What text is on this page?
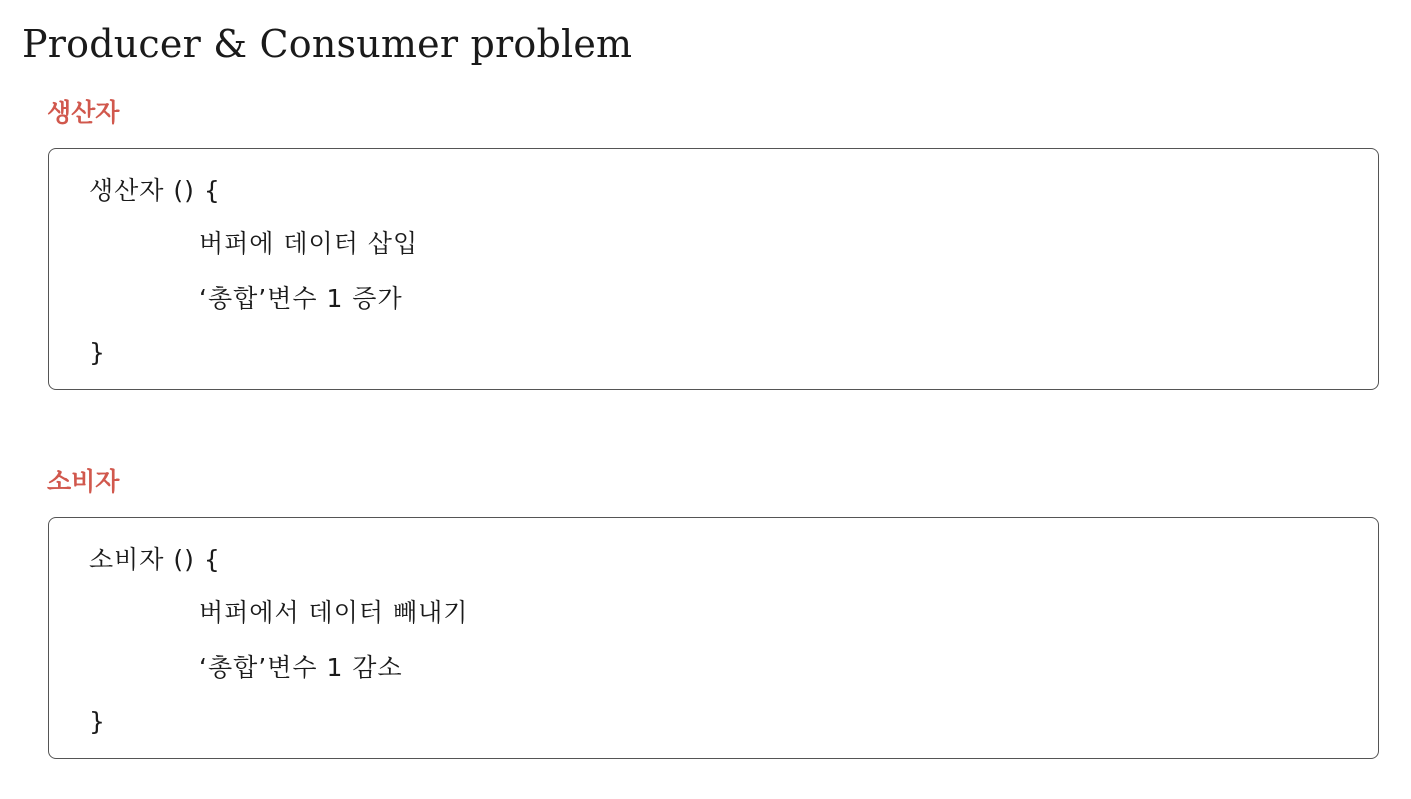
Producer & Consumer problem
생산자

생산자 () {

버퍼에 데이터 삽입

‘총합’변수 1 증가

}

소비자

소비자 () {

버퍼에서 데이터 빼내기

‘총합’변수 1 감소

}
